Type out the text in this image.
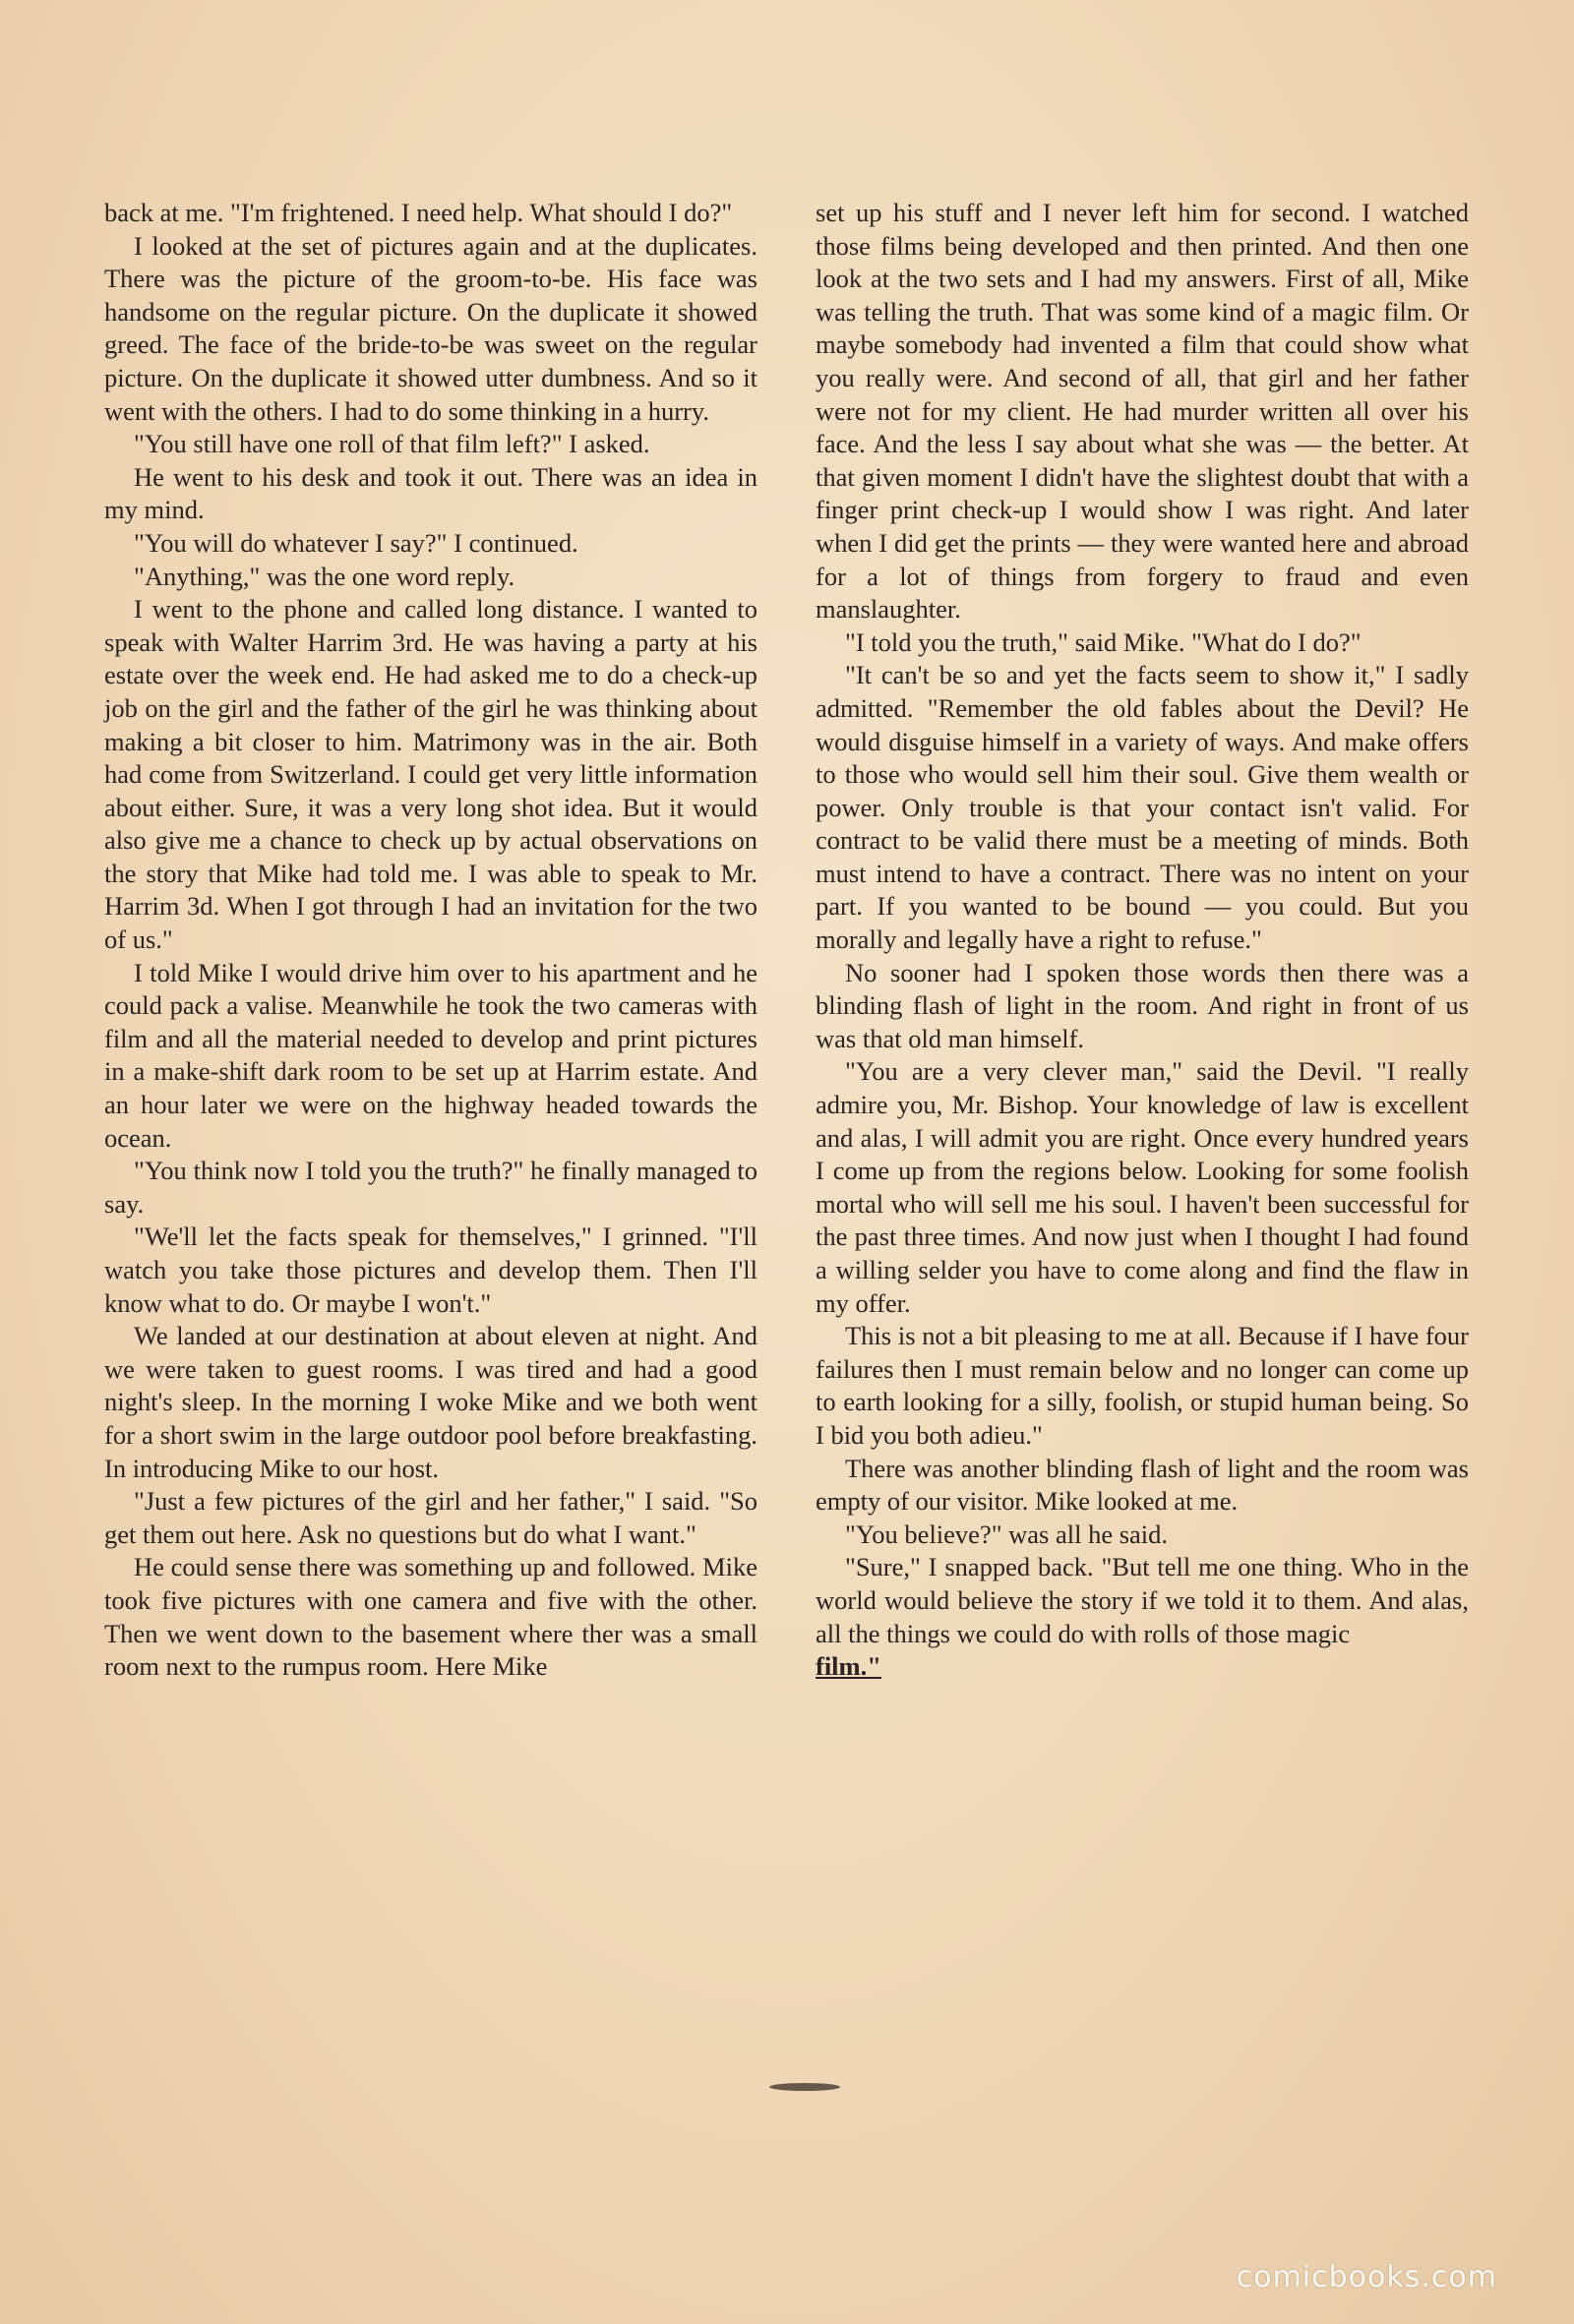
back at me. "I'm frightened. I need help. What should I do?"

I looked at the set of pictures again and at the duplicates. There was the picture of the groom-to-be. His face was handsome on the regular picture. On the duplicate it showed greed. The face of the bride-to-be was sweet on the regular picture. On the duplicate it showed utter dumbness. And so it went with the others. I had to do some thinking in a hurry.

"You still have one roll of that film left?" I asked.

He went to his desk and took it out. There was an idea in my mind.

"You will do whatever I say?" I continued.

"Anything," was the one word reply.

I went to the phone and called long distance. I wanted to speak with Walter Harrim 3rd. He was having a party at his estate over the week end. He had asked me to do a check-up job on the girl and the father of the girl he was thinking about making a bit closer to him. Matrimony was in the air. Both had come from Switzerland. I could get very little information about either. Sure, it was a very long shot idea. But it would also give me a chance to check up by actual observations on the story that Mike had told me. I was able to speak to Mr. Harrim 3d. When I got through I had an invitation for the two of us."

I told Mike I would drive him over to his apartment and he could pack a valise. Meanwhile he took the two cameras with film and all the material needed to develop and print pictures in a make-shift dark room to be set up at Harrim estate. And an hour later we were on the highway headed towards the ocean.

"You think now I told you the truth?" he finally managed to say.

"We'll let the facts speak for themselves," I grinned. "I'll watch you take those pictures and develop them. Then I'll know what to do. Or maybe I won't."

We landed at our destination at about eleven at night. And we were taken to guest rooms. I was tired and had a good night's sleep. In the morning I woke Mike and we both went for a short swim in the large outdoor pool before breakfasting. In introducing Mike to our host.

"Just a few pictures of the girl and her father," I said. "So get them out here. Ask no questions but do what I want."

He could sense there was something up and followed. Mike took five pictures with one camera and five with the other. Then we went down to the basement where ther was a small room next to the rumpus room. Here Mike

set up his stuff and I never left him for second. I watched those films being developed and then printed. And then one look at the two sets and I had my answers. First of all, Mike was telling the truth. That was some kind of a magic film. Or maybe somebody had invented a film that could show what you really were. And second of all, that girl and her father were not for my client. He had murder written all over his face. And the less I say about what she was — the better. At that given moment I didn't have the slightest doubt that with a finger print check-up I would show I was right. And later when I did get the prints — they were wanted here and abroad for a lot of things from forgery to fraud and even manslaughter.

"I told you the truth," said Mike. "What do I do?"

"It can't be so and yet the facts seem to show it," I sadly admitted. "Remember the old fables about the Devil? He would disguise himself in a variety of ways. And make offers to those who would sell him their soul. Give them wealth or power. Only trouble is that your contact isn't valid. For contract to be valid there must be a meeting of minds. Both must intend to have a contract. There was no intent on your part. If you wanted to be bound — you could. But you morally and legally have a right to refuse."

No sooner had I spoken those words then there was a blinding flash of light in the room. And right in front of us was that old man himself.

"You are a very clever man," said the Devil. "I really admire you, Mr. Bishop. Your knowledge of law is excellent and alas, I will admit you are right. Once every hundred years I come up from the regions below. Looking for some foolish mortal who will sell me his soul. I haven't been successful for the past three times. And now just when I thought I had found a willing selder you have to come along and find the flaw in my offer.

This is not a bit pleasing to me at all. Because if I have four failures then I must remain below and no longer can come up to earth looking for a silly, foolish, or stupid human being. So I bid you both adieu."

There was another blinding flash of light and the room was empty of our visitor. Mike looked at me.

"You believe?" was all he said.

"Sure," I snapped back. "But tell me one thing. Who in the world would believe the story if we told it to them. And alas, all the things we could do with rolls of those magic

film."

comicbooks.com
